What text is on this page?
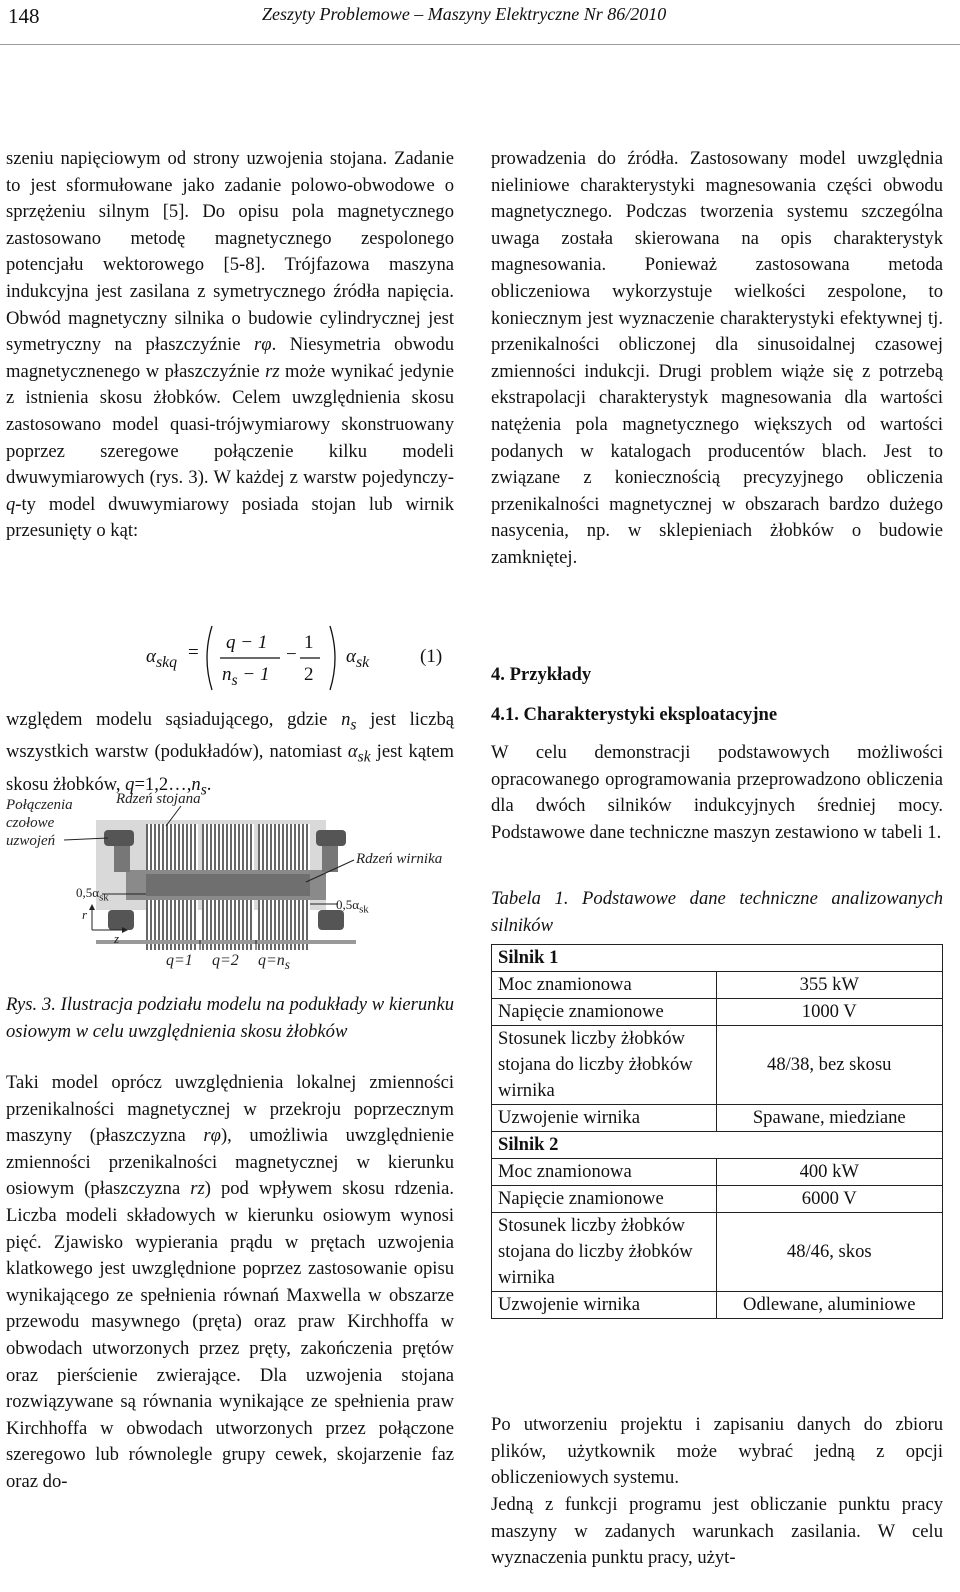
148	Zeszyty Problemowe – Maszyny Elektryczne Nr 86/2010

szeniu napięciowym od strony uzwojenia stojana. Zadanie to jest sformułowane jako zadanie polowo-obwodowe o sprzężeniu silnym [5]. Do opisu pola magnetycznego zastosowano metodę magnetycznego zespolonego potencjału wektorowego [5-8]. Trójfazowa maszyna indukcyjna jest zasilana z symetrycznego źródła napięcia. Obwód magnetyczny silnika o budowie cylindrycznej jest symetryczny na płaszczyźnie rφ. Niesymetria obwodu magnetycznenego w płaszczyźnie rz może wynikać jedynie z istnienia skosu żłobków. Celem uwzględnienia skosu zastosowano model quasi-trójwymiarowy skonstruowany poprzez szeregowe połączenie kilku modeli dwuwymiarowych (rys. 3). W każdej z warstw pojedynczy- q-ty model dwuwymiarowy posiada stojan lub wirnik przesunięty o kąt:

$\alpha_{skq} = q - 1$
$n_s - 1$
−
1
2
$\alpha_{sk}$	(1)

względem modelu sąsiadującego, gdzie $n_s$ jest liczbą wszystkich warstw (podukładów), natomiast $\alpha_{sk}$ jest kątem skosu żłobków, $q=1,2\dots,n_s$.

Połączenia czołowe uzwojeń
Rdzeń stojana
Rdzeń wirnika
$0,5\alpha_{sk}$	$0,5\alpha_{sk}$
r
z
q=1 q=2 $q=n_s$

Rys. 3. Ilustracja podziału modelu na podukłady w kierunku osiowym w celu uwzględnienia skosu żłobków

Taki model oprócz uwzględnienia lokalnej zmienności przenikalności magnetycznej w przekroju poprzecznym maszyny (płaszczyzna rφ), umożliwia uwzględnienie zmienności przenikalności magnetycznej w kierunku osiowym (płaszczyzna rz) pod wpływem skosu rdzenia. Liczba modeli składowych w kierunku osiowym wynosi pięć. Zjawisko wypierania prądu w prętach uzwojenia klatkowego jest uwzględnione poprzez zastosowanie opisu wynikającego ze spełnienia równań Maxwella w obszarze przewodu masywnego (pręta) oraz praw Kirchhoffa w obwodach utworzonych przez pręty, zakończenia prętów oraz pierścienie zwierające. Dla uzwojenia stojana rozwiązywane są równania wynikające ze spełnienia praw Kirchhoffa w obwodach utworzonych przez połączone szeregowo lub równolegle grupy cewek, skojarzenie faz oraz do-

prowadzenia do źródła. Zastosowany model uwzględnia nieliniowe charakterystyki magnesowania części obwodu magnetycznego. Podczas tworzenia systemu szczególna uwaga została skierowana na opis charakterystyk magnesowania. Ponieważ zastosowana metoda obliczeniowa wykorzystuje wielkości zespolone, to koniecznym jest wyznaczenie charakterystyki efektywnej tj. przenikalności obliczonej dla sinusoidalnej czasowej zmienności indukcji. Drugi problem wiąże się z potrzebą ekstrapolacji charakterystyk magnesowania dla wartości natężenia pola magnetycznego większych od wartości podanych w katalogach producentów blach. Jest to związane z koniecznością precyzyjnego obliczenia przenikalności magnetycznej w obszarach bardzo dużego nasycenia, np. w sklepieniach żłobków o budowie zamkniętej.

4. Przykłady
4.1. Charakterystyki eksploatacyjne

W celu demonstracji podstawowych możliwości opracowanego oprogramowania przeprowadzono obliczenia dla dwóch silników indukcyjnych średniej mocy. Podstawowe dane techniczne maszyn zestawiono w tabeli 1.

Tabela 1. Podstawowe dane techniczne analizowanych silników

Silnik 1	
Moc znamionowa	355 kW
Napięcie znamionowe	1000 V
Stosunek liczby żłobków stojana do liczby żłobków wirnika	48/38, bez skosu
Uzwojenie wirnika	Spawane, miedziane
Silnik 2	
Moc znamionowa	400 kW
Napięcie znamionowe	6000 V
Stosunek liczby żłobków stojana do liczby żłobków wirnika	48/46, skos
Uzwojenie wirnika	Odlewane, aluminiowe

Po utworzeniu projektu i zapisaniu danych do zbioru plików, użytkownik może wybrać jedną z opcji obliczeniowych systemu.

Jedną z funkcji programu jest obliczanie punktu pracy maszyny w zadanych warunkach zasilania. W celu wyznaczenia punktu pracy, użyt-
